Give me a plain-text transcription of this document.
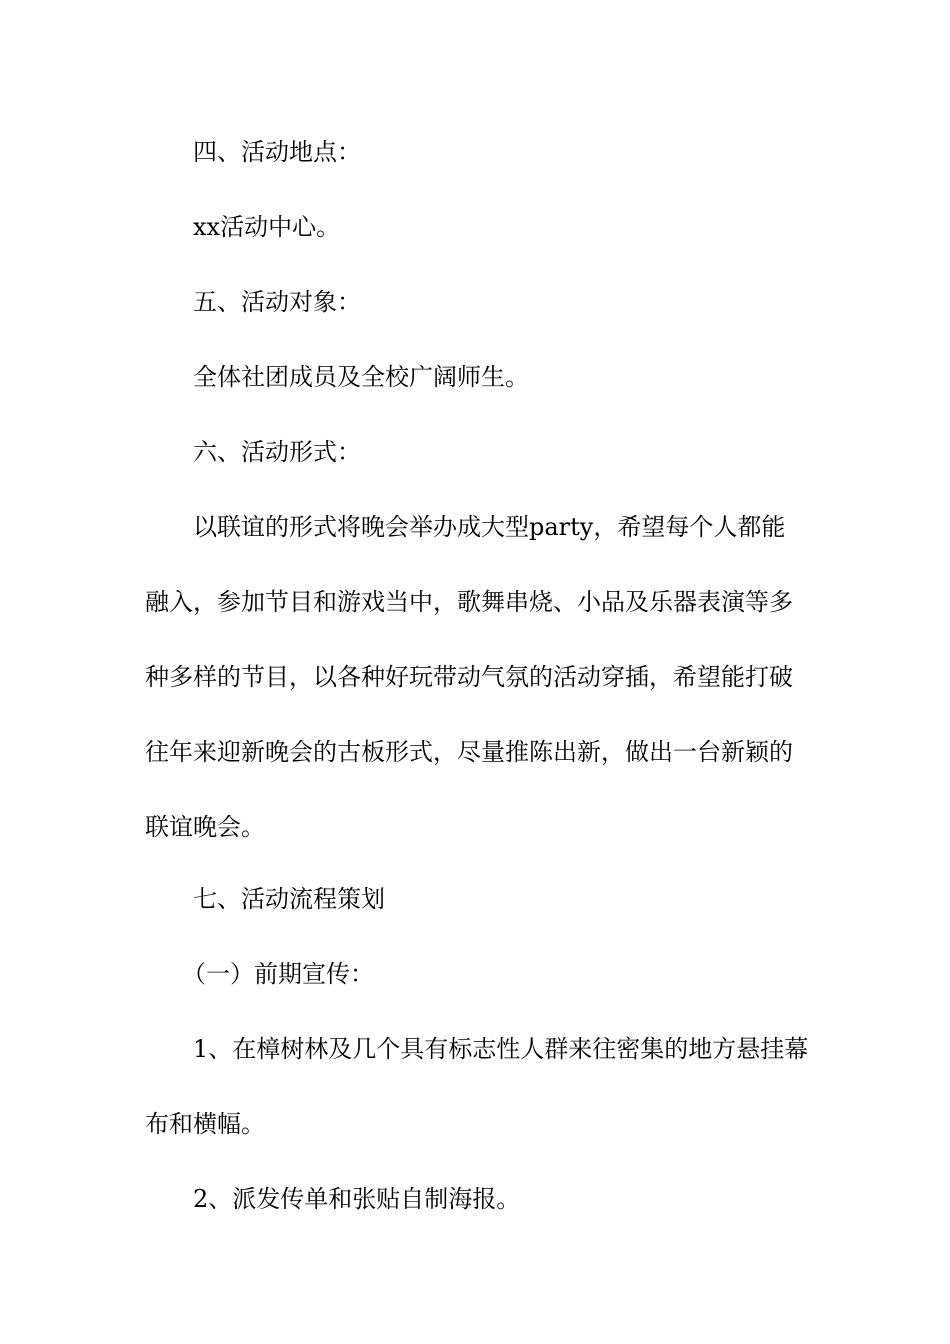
四、活动地点：
xx活动中心。
五、活动对象：
全体社团成员及全校广阔师生。
六、活动形式：
以联谊的形式将晚会举办成大型party，希望每个人都能
融入，参加节目和游戏当中，歌舞串烧、小品及乐器表演等多
种多样的节目，以各种好玩带动气氛的活动穿插，希望能打破
往年来迎新晚会的古板形式，尽量推陈出新，做出一台新颖的
联谊晚会。
七、活动流程策划
（一）前期宣传：
1、在樟树林及几个具有标志性人群来往密集的地方悬挂幕
布和横幅。
2、派发传单和张贴自制海报。
